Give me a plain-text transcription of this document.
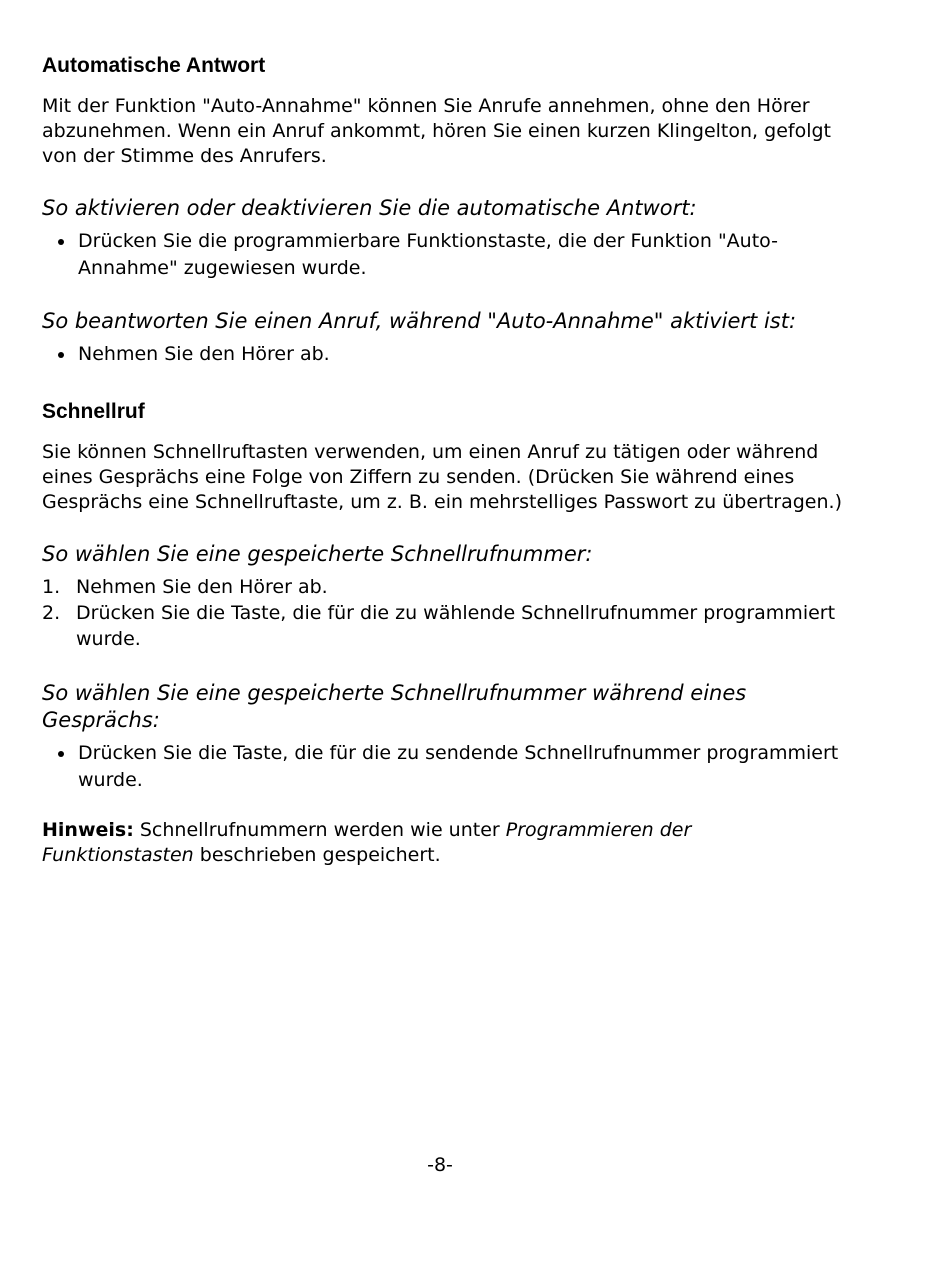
Automatische Antwort

Mit der Funktion "Auto-Annahme" können Sie Anrufe annehmen, ohne den Hörer abzunehmen. Wenn ein Anruf ankommt, hören Sie einen kurzen Klingelton, gefolgt von der Stimme des Anrufers.

So aktivieren oder deaktivieren Sie die automatische Antwort:

Drücken Sie die programmierbare Funktionstaste, die der Funktion "Auto-Annahme" zugewiesen wurde.

So beantworten Sie einen Anruf, während "Auto-Annahme" aktiviert ist:

Nehmen Sie den Hörer ab.
Schnellruf

Sie können Schnellruftasten verwenden, um einen Anruf zu tätigen oder während eines Gesprächs eine Folge von Ziffern zu senden. (Drücken Sie während eines Gesprächs eine Schnellruftaste, um z. B. ein mehrstelliges Passwort zu übertragen.)

So wählen Sie eine gespeicherte Schnellrufnummer:

1. Nehmen Sie den Hörer ab.
2. Drücken Sie die Taste, die für die zu wählende Schnellrufnummer programmiert wurde.

So wählen Sie eine gespeicherte Schnellrufnummer während eines Gesprächs:

Drücken Sie die Taste, die für die zu sendende Schnellrufnummer programmiert wurde.

Hinweis: Schnellrufnummern werden wie unter Programmieren der Funktionstasten beschrieben gespeichert.

-8-
